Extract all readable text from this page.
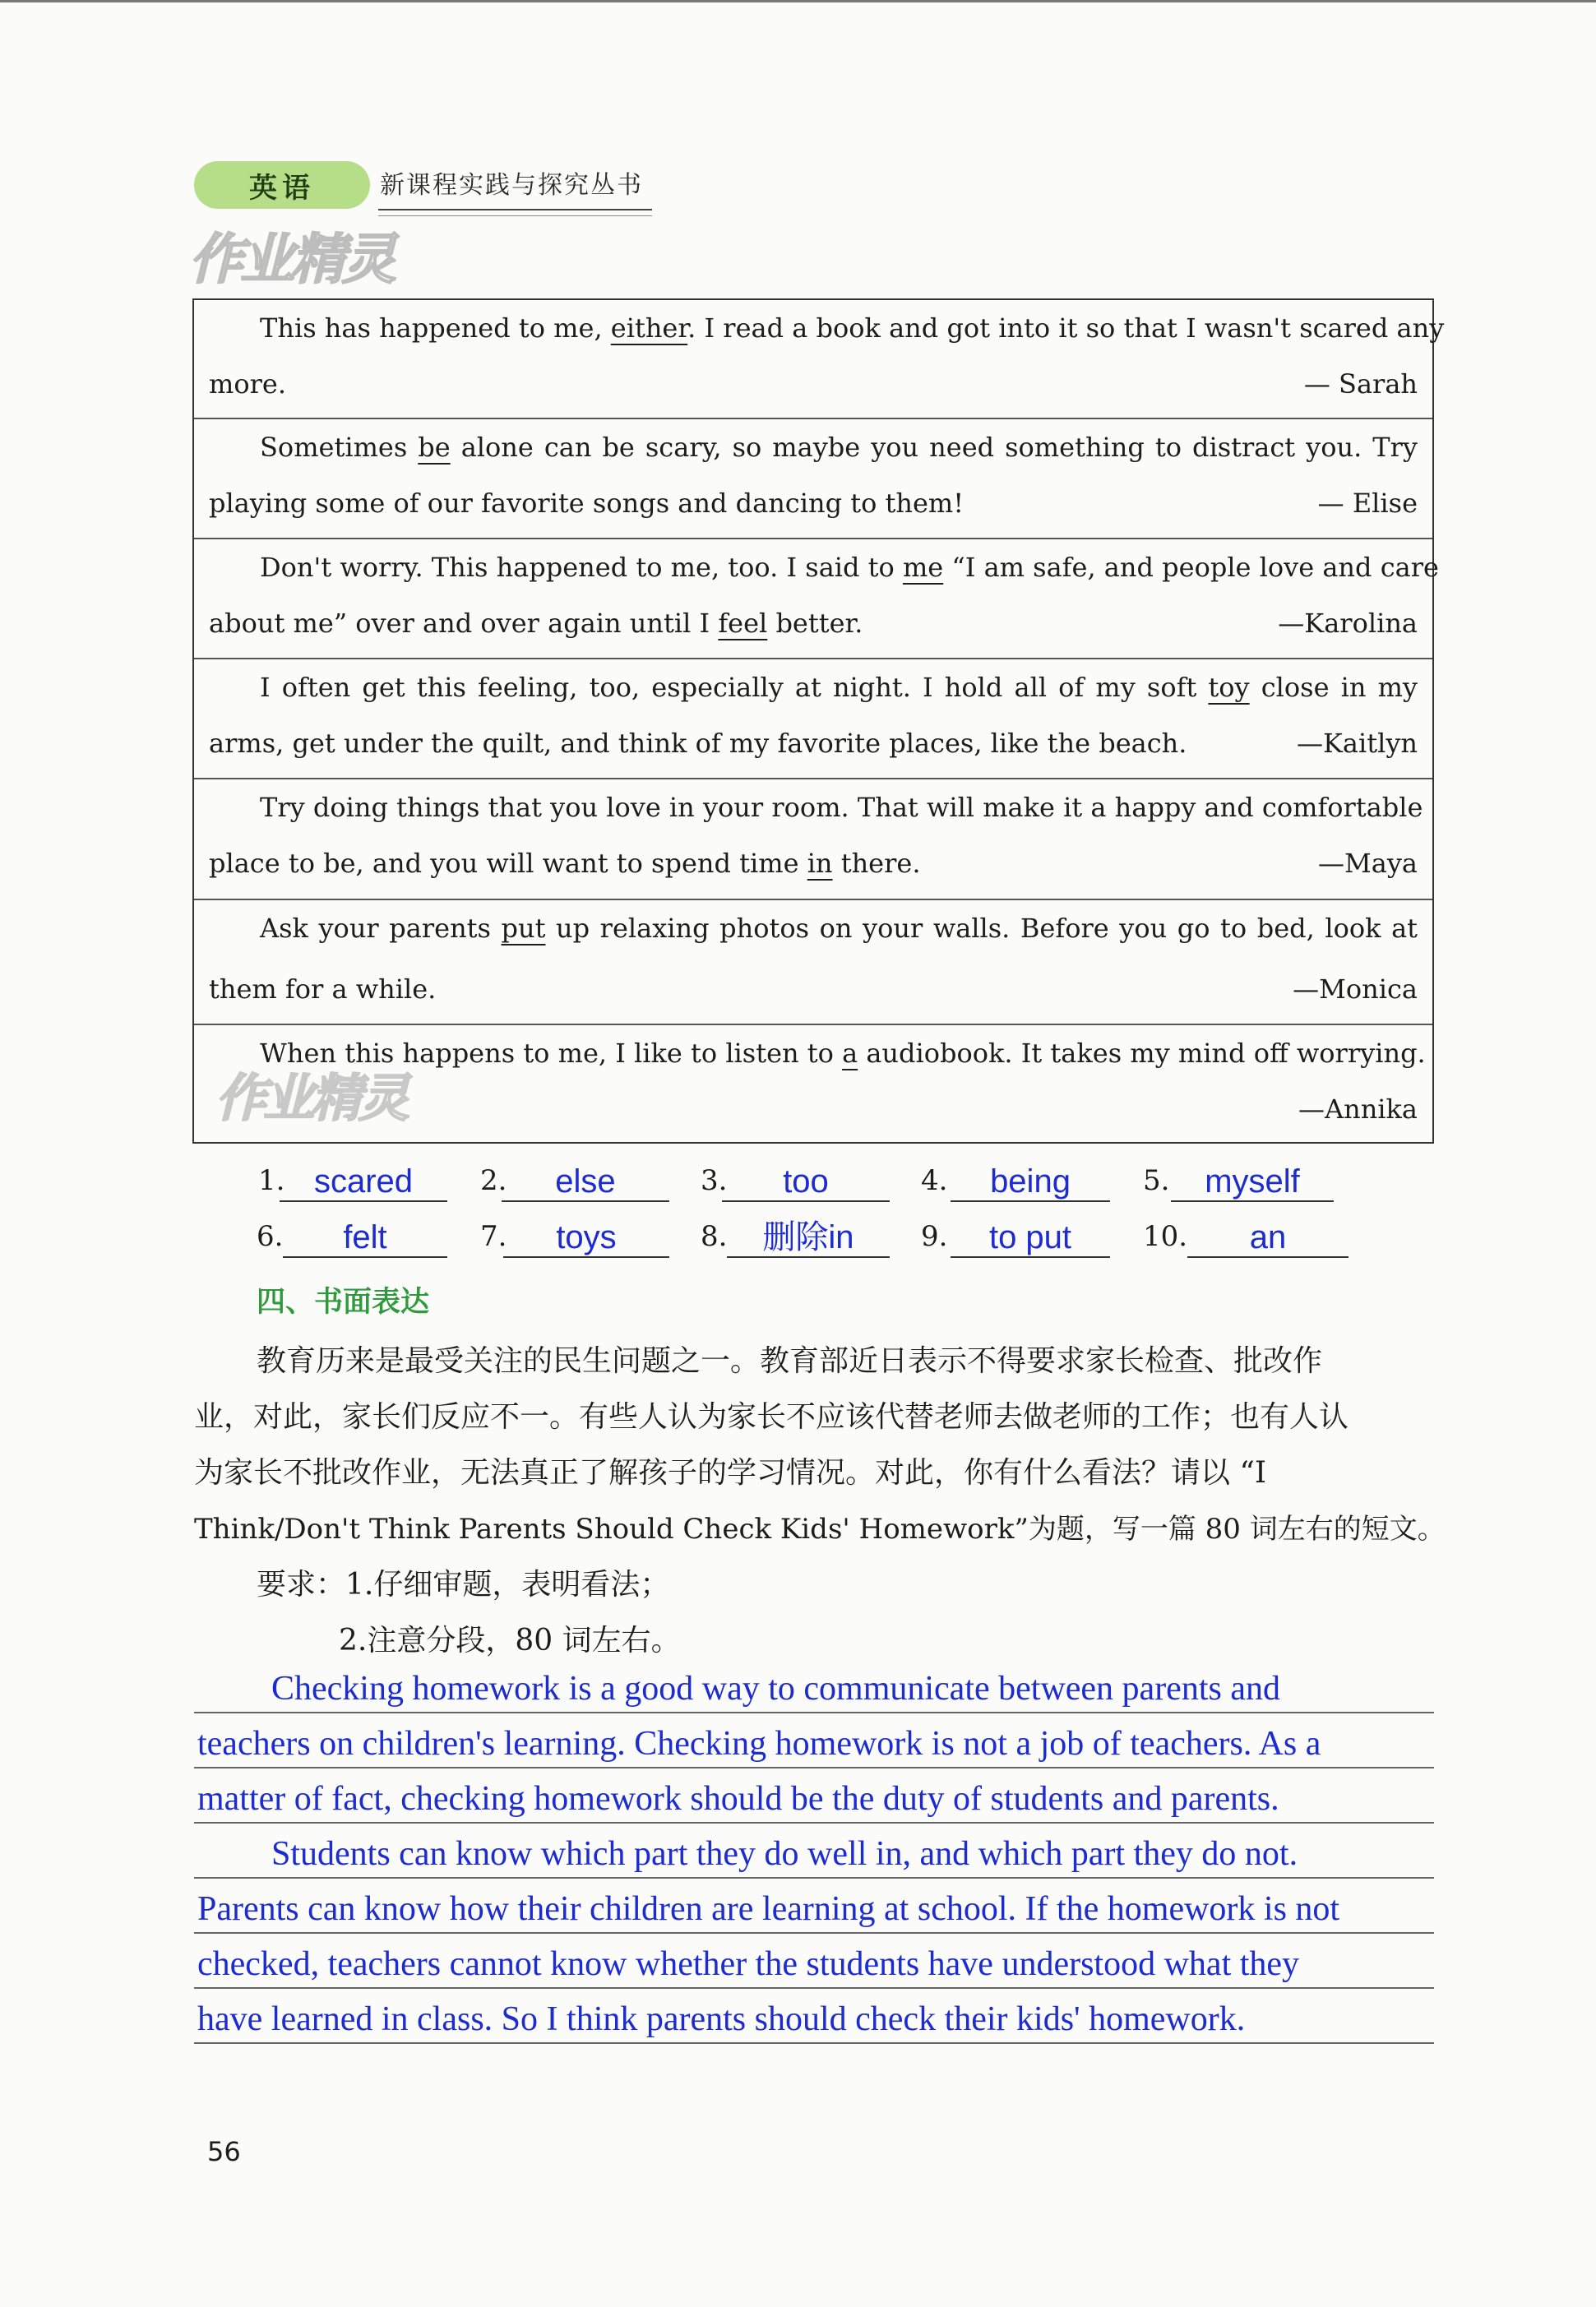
英语	新课程实践与探究丛书
作业精灵
This has happened to me, either. I read a book and got into it so that I wasn't scared any
more.	— Sarah
Sometimes be alone can be scary, so maybe you need something to distract you. Try
playing some of our favorite songs and dancing to them!	— Elise
Don't worry. This happened to me, too. I said to me “I am safe, and people love and care
about me” over and over again until I feel better.	—Karolina
I often get this feeling, too, especially at night. I hold all of my soft toy close in my
arms, get under the quilt, and think of my favorite places, like the beach.	—Kaitlyn
Try doing things that you love in your room. That will make it a happy and comfortable
place to be, and you will want to spend time in there.	—Maya
Ask your parents put up relaxing photos on your walls. Before you go to bed, look at
them for a while.	—Monica
When this happens to me, I like to listen to a audiobook. It takes my mind off worrying.
—Annika
作业精灵
1. scared	2.	else	3.	too	4.	being	5.	myself
6.	felt	7.	toys	8.	删除in	9.	to put	10.	an
四、书面表达
教育历来是最受关注的民生问题之一。教育部近日表示不得要求家长检查、批改作
业，对此，家长们反应不一。有些人认为家长不应该代替老师去做老师的工作；也有人认
为家长不批改作业，无法真正了解孩子的学习情况。对此，你有什么看法？请以 “I
Think/Don't Think Parents Should Check Kids' Homework”为题，写一篇 80 词左右的短文。
要求：1.仔细审题，表明看法；
2.注意分段，80 词左右。
Checking homework is a good way to communicate between parents and
teachers on children's learning. Checking homework is not a job of teachers. As a
matter of fact, checking homework should be the duty of students and parents.
Students can know which part they do well in, and which part they do not.
Parents can know how their children are learning at school. If the homework is not
checked, teachers cannot know whether the students have understood what they
have learned in class. So I think parents should check their kids' homework.
56
